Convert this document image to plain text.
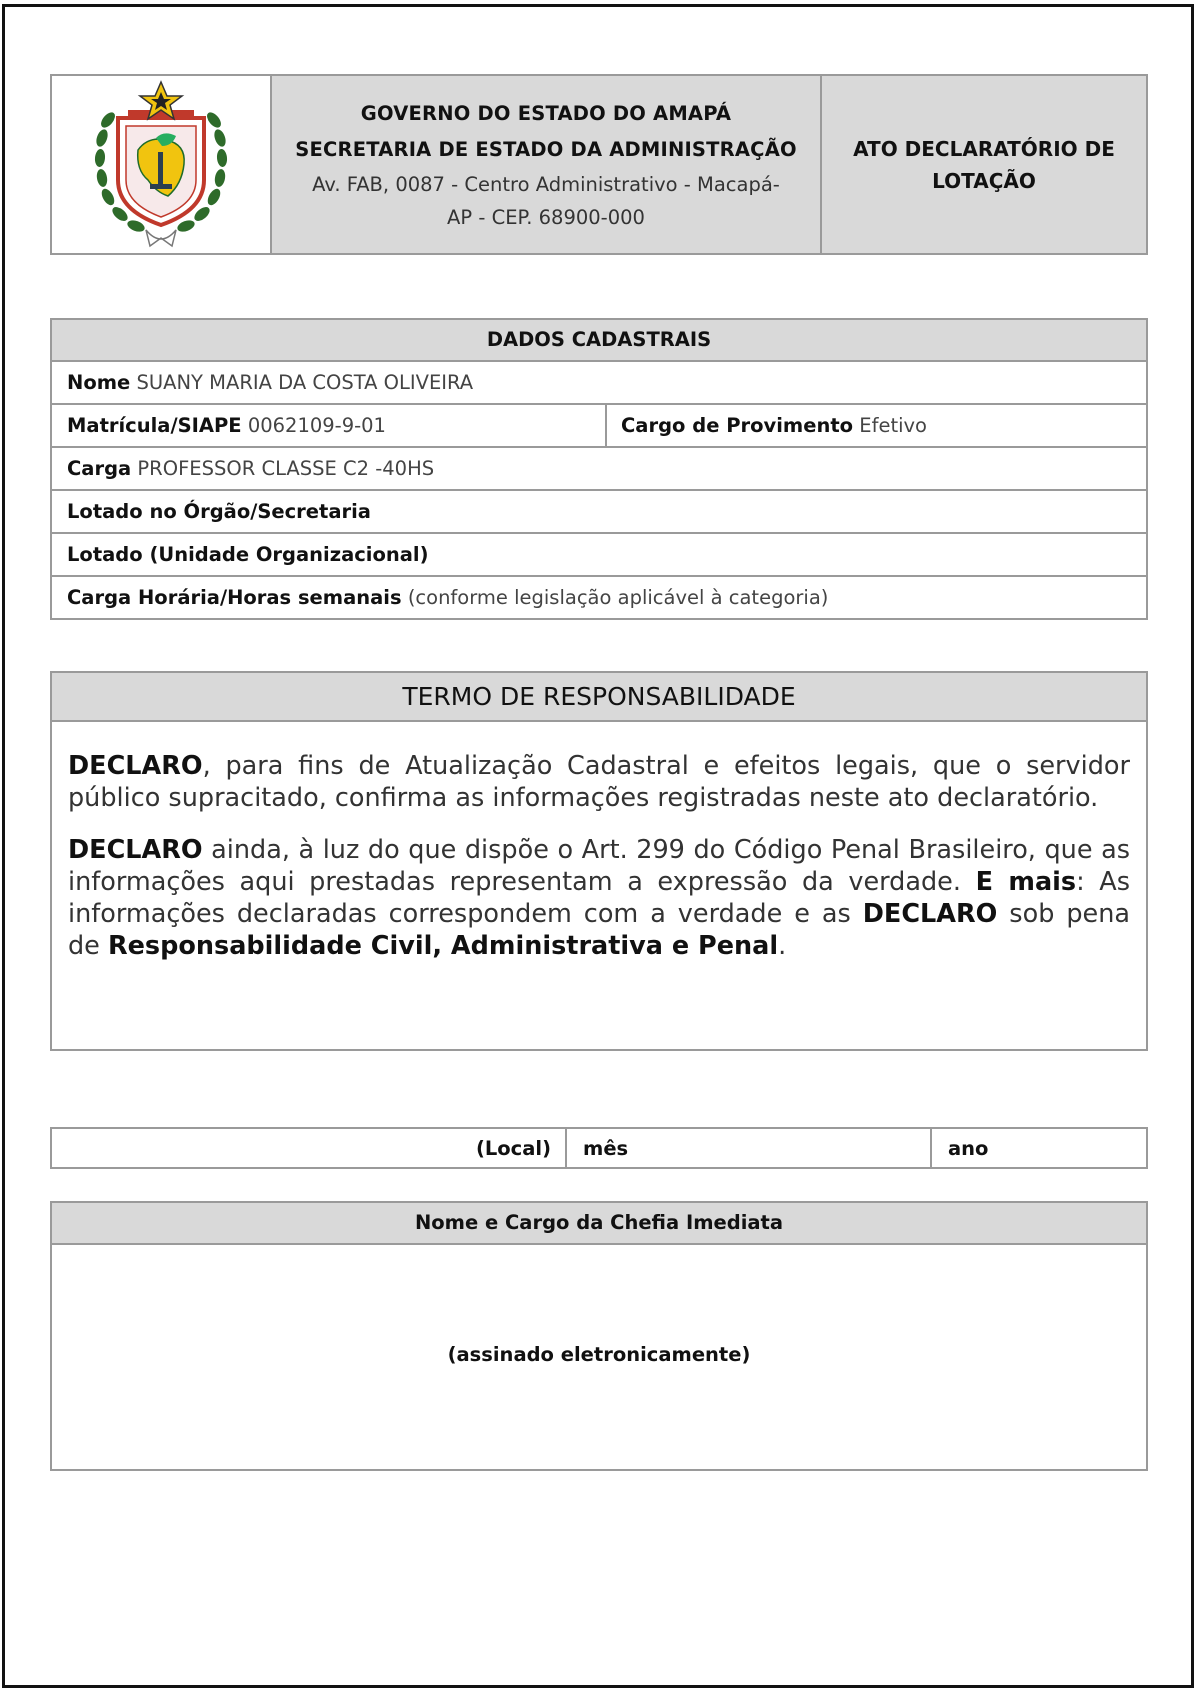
GOVERNO DO ESTADO DO AMAPÁ
SECRETARIA DE ESTADO DA ADMINISTRAÇÃO
Av. FAB, 0087 - Centro Administrativo - Macapá-
AP - CEP. 68900-000
ATO DECLARATÓRIO DE
LOTAÇÃO
DADOS CADASTRAIS
Nome SUANY MARIA DA COSTA OLIVEIRA
Matrícula/SIAPE 0062109-9-01	Cargo de Provimento Efetivo
Carga PROFESSOR CLASSE C2 -40HS
Lotado no Órgão/Secretaria
Lotado (Unidade Organizacional)
Carga Horária/Horas semanais (conforme legislação aplicável à categoria)
TERMO DE RESPONSABILIDADE

DECLARO, para fins de Atualização Cadastral e efeitos legais, que o servidor público supracitado, confirma as informações registradas neste ato declaratório.

DECLARO ainda, à luz do que dispõe o Art. 299 do Código Penal Brasileiro, que as informações aqui prestadas representam a expressão da verdade. E mais: As informações declaradas correspondem com a verdade e as DECLARO sob pena de Responsabilidade Civil, Administrativa e Penal.

(Local) mês	ano
Nome e Cargo da Chefia Imediata
(assinado eletronicamente)
